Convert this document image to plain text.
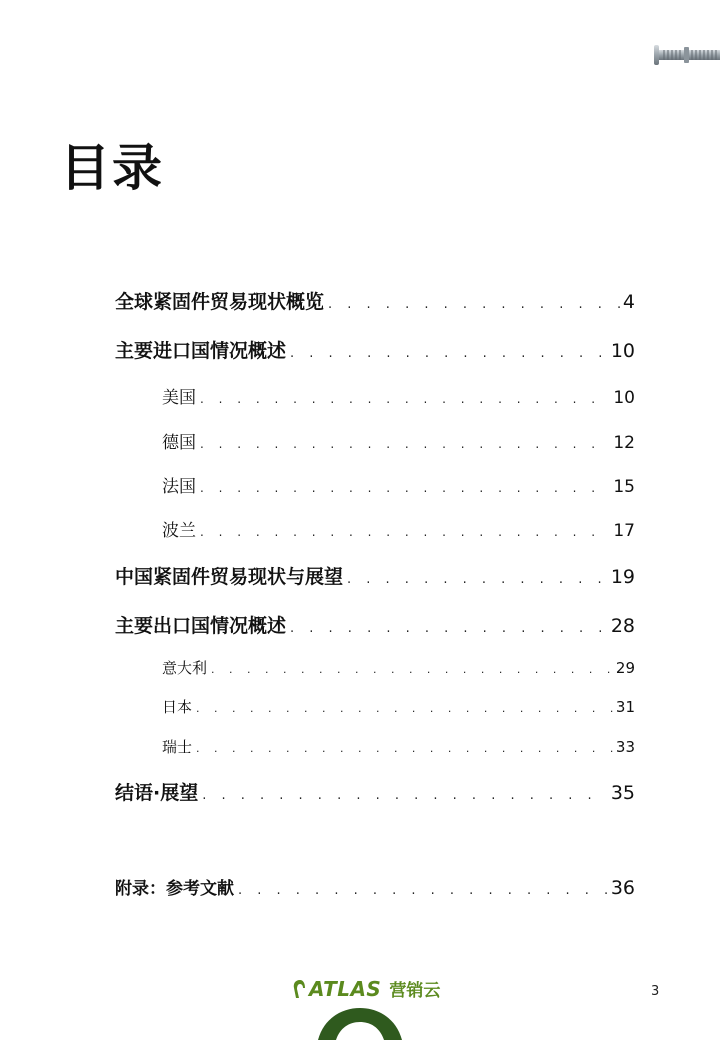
目录
全球紧固件贸易现状概览 . . .	4
主要进口国情况概述 . . .	10
美国 . . .	10
德国 . . .	12
法国 . . .	15
波兰 . . .	17
中国紧固件贸易现状与展望 . . .	19
主要出口国情况概述 . . .	28
意大利 . . .	29
日本 . . .	31
瑞士 . . .	33
结语·展望 . . .	35
附录：参考文献 . . .	36
ATLAS 营销云	3
